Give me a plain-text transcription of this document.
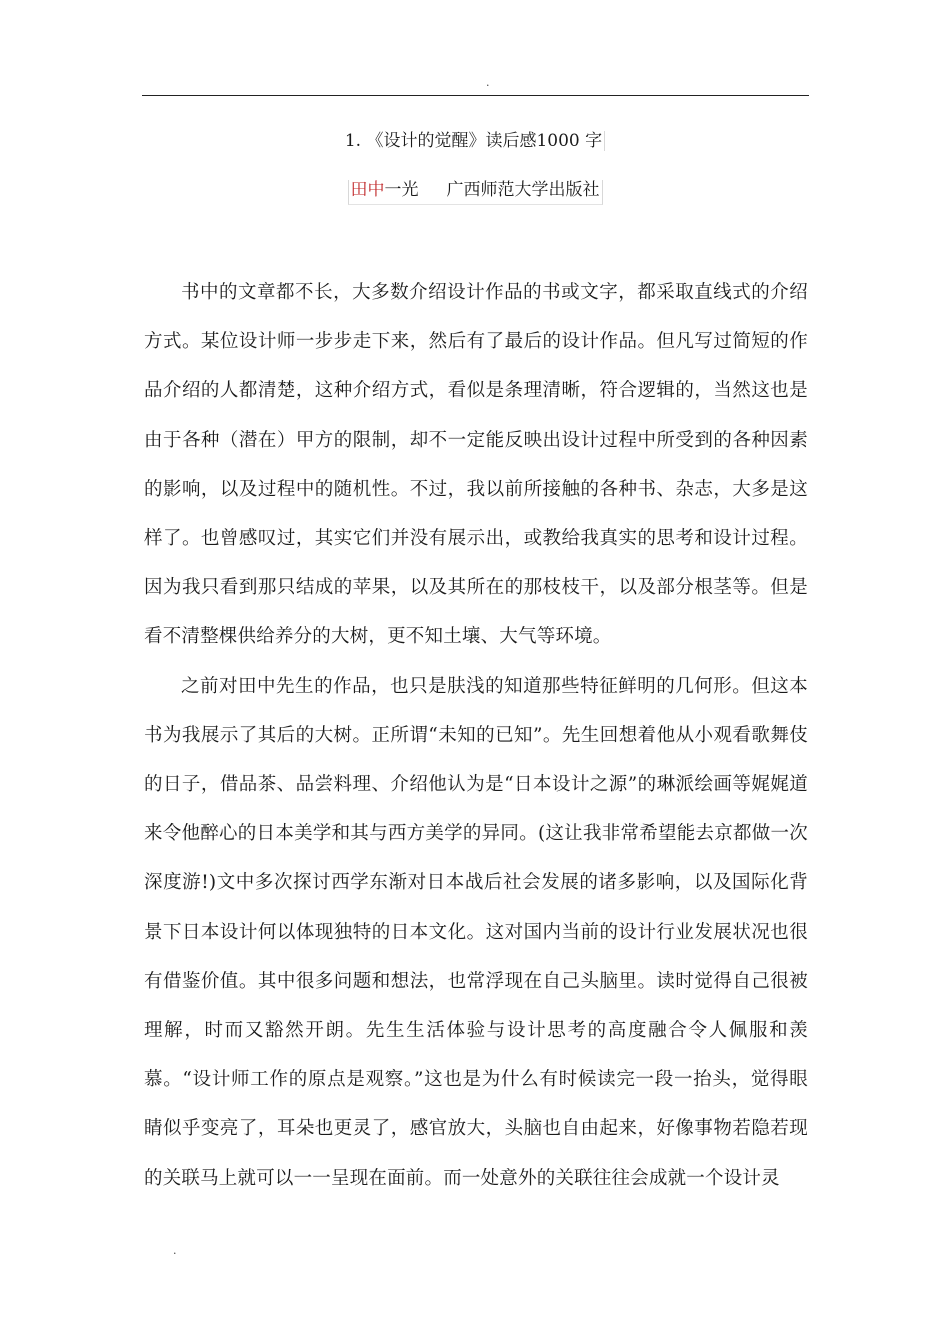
.
1. 《设计的觉醒》读后感1000 字
田中一光 广西师范大学出版社

书中的文章都不长，大多数介绍设计作品的书或文字，都采取直线式的介绍方式。某位设计师一步步走下来，然后有了最后的设计作品。但凡写过简短的作品介绍的人都清楚，这种介绍方式，看似是条理清晰，符合逻辑的，当然这也是由于各种（潜在）甲方的限制，却不一定能反映出设计过程中所受到的各种因素的影响，以及过程中的随机性。不过，我以前所接触的各种书、杂志，大多是这样了。也曾感叹过，其实它们并没有展示出，或教给我真实的思考和设计过程。因为我只看到那只结成的苹果，以及其所在的那枝枝干，以及部分根茎等。但是看不清整棵供给养分的大树，更不知土壤、大气等环境。

之前对田中先生的作品，也只是肤浅的知道那些特征鲜明的几何形。但这本书为我展示了其后的大树。正所谓“未知的已知”。先生回想着他从小观看歌舞伎的日子，借品茶、品尝料理、介绍他认为是“日本设计之源”的琳派绘画等娓娓道来令他醉心的日本美学和其与西方美学的异同。(这让我非常希望能去京都做一次深度游!)文中多次探讨西学东渐对日本战后社会发展的诸多影响，以及国际化背景下日本设计何以体现独特的日本文化。这对国内当前的设计行业发展状况也很有借鉴价值。其中很多问题和想法，也常浮现在自己头脑里。读时觉得自己很被理解，时而又豁然开朗。先生生活体验与设计思考的高度融合令人佩服和羡慕。“设计师工作的原点是观察。”这也是为什么有时候读完一段一抬头，觉得眼睛似乎变亮了，耳朵也更灵了，感官放大，头脑也自由起来，好像事物若隐若现的关联马上就可以一一呈现在面前。而一处意外的关联往往会成就一个设计灵

.
